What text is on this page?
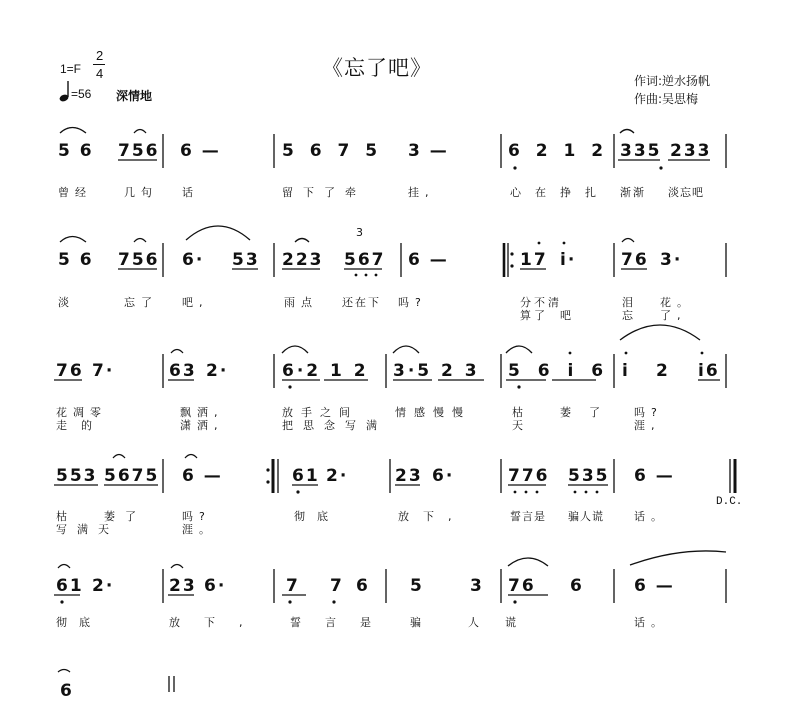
1=F
2
4
=56 深情地
《忘了吧》
作词:逆水扬帆
作曲:吴思梅
5 6 756 6 —	5 6 7 5 3 —	6 2 1 2 335 233
曾经	几句 话	留下了牵	挂,	心在挣扎 渐渐 淡忘吧
5 6 756 6· 53 223 567
3
6 —	17 i·	76 3·
淡	忘了 吧,	雨点 还在下 吗?	分不清	泪 花。
算了 吧	忘 了,
76 7·	63 2·	6·2 1 2 3·5 2 3 5 6 i 6 i 2 i6
花凋零	飘洒,	放手之间	情感慢慢	枯	萎了 吗?
走的	潇洒,	把思念写满	天	涯,
553 5675 6 —	61 2·	23 6·	776 535 6 —
D.C.
枯	萎了	吗?	彻底	放下,	誓言是 骗人谎	话。
写满天	涯。
61 2·	23 6·	7 7 6 5	3 76 6	6 —
彻底	放下, 誓言是 骗	人谎	话。
6
